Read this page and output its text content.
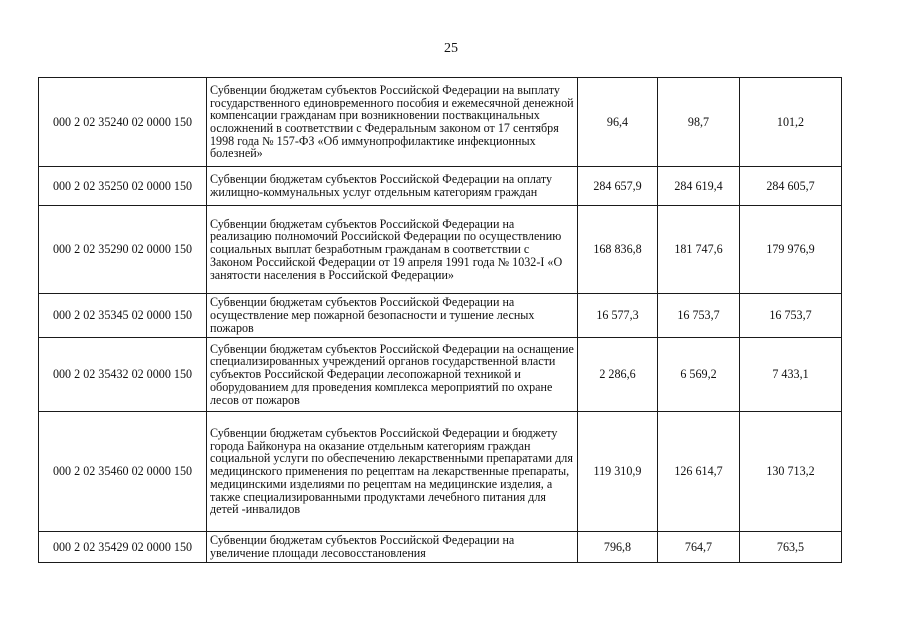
25
000 2 02 35240 02 0000 150	Субвенции бюджетам субъектов Российской Федерации на выплату государственного единовременного пособия и ежемесячной денежной компенсации гражданам при возникновении поствакцинальных осложнений в соответствии с Федеральным законом от 17 сентября 1998 года № 157-ФЗ «Об иммунопрофилактике инфекционных болезней»	96,4	98,7	101,2
000 2 02 35250 02 0000 150	Субвенции бюджетам субъектов Российской Федерации на оплату жилищно-коммунальных услуг отдельным категориям граждан	284 657,9	284 619,4	284 605,7
000 2 02 35290 02 0000 150	Субвенции бюджетам субъектов Российской Федерации на реализацию полномочий Российской Федерации по осуществлению социальных выплат безработным гражданам в соответствии с Законом Российской Федерации от 19 апреля 1991 года № 1032-I «О занятости населения в Российской Федерации»	168 836,8	181 747,6	179 976,9
000 2 02 35345 02 0000 150	Субвенции бюджетам субъектов Российской Федерации на осуществление мер пожарной безопасности и тушение лесных пожаров	16 577,3	16 753,7	16 753,7
000 2 02 35432 02 0000 150	Субвенции бюджетам субъектов Российской Федерации на оснащение специализированных учреждений органов государственной власти субъектов Российской Федерации лесопожарной техникой и оборудованием для проведения комплекса мероприятий по охране лесов от пожаров	2 286,6	6 569,2	7 433,1
000 2 02 35460 02 0000 150	Субвенции бюджетам субъектов Российской Федерации и бюджету города Байконура на оказание отдельным категориям граждан социальной услуги по обеспечению лекарственными препаратами для медицинского применения по рецептам на лекарственные препараты, медицинскими изделиями по рецептам на медицинские изделия, а также специализированными продуктами лечебного питания для детей -инвалидов	119 310,9	126 614,7	130 713,2
000 2 02 35429 02 0000 150	Субвенции бюджетам субъектов Российской Федерации на увеличение площади лесовосстановления	796,8	764,7	763,5
